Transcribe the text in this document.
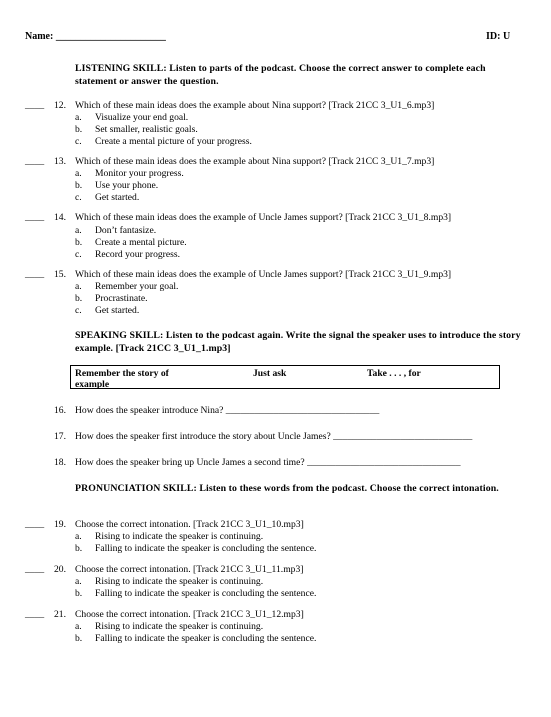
Name: ______________________	ID: U
LISTENING SKILL: Listen to parts of the podcast. Choose the correct answer to complete each statement or answer the question.
____ 12. Which of these main ideas does the example about Nina support? [Track 21CC 3_U1_6.mp3]
a. Visualize your end goal.
b. Set smaller, realistic goals.
c. Create a mental picture of your progress.
____ 13. Which of these main ideas does the example about Nina support? [Track 21CC 3_U1_7.mp3]
a. Monitor your progress.
b. Use your phone.
c. Get started.
____ 14. Which of these main ideas does the example of Uncle James support? [Track 21CC 3_U1_8.mp3]
a. Don’t fantasize.
b. Create a mental picture.
c. Record your progress.
____ 15. Which of these main ideas does the example of Uncle James support? [Track 21CC 3_U1_9.mp3]
a. Remember your goal.
b. Procrastinate.
c. Get started.
SPEAKING SKILL: Listen to the podcast again. Write the signal the speaker uses to introduce the story example. [Track 21CC 3_U1_1.mp3]
Remember the story of example
Just ask	Take . . . , for
16. How does the speaker introduce Nina? ________________________________
17. How does the speaker first introduce the story about Uncle James? _____________________________
18. How does the speaker bring up Uncle James a second time? ________________________________
PRONUNCIATION SKILL: Listen to these words from the podcast. Choose the correct intonation.
____ 19. Choose the correct intonation. [Track 21CC 3_U1_10.mp3]
a. Rising to indicate the speaker is continuing.
b. Falling to indicate the speaker is concluding the sentence.
____ 20. Choose the correct intonation. [Track 21CC 3_U1_11.mp3]
a. Rising to indicate the speaker is continuing.
b. Falling to indicate the speaker is concluding the sentence.
____ 21. Choose the correct intonation. [Track 21CC 3_U1_12.mp3]
a. Rising to indicate the speaker is continuing.
b. Falling to indicate the speaker is concluding the sentence.
